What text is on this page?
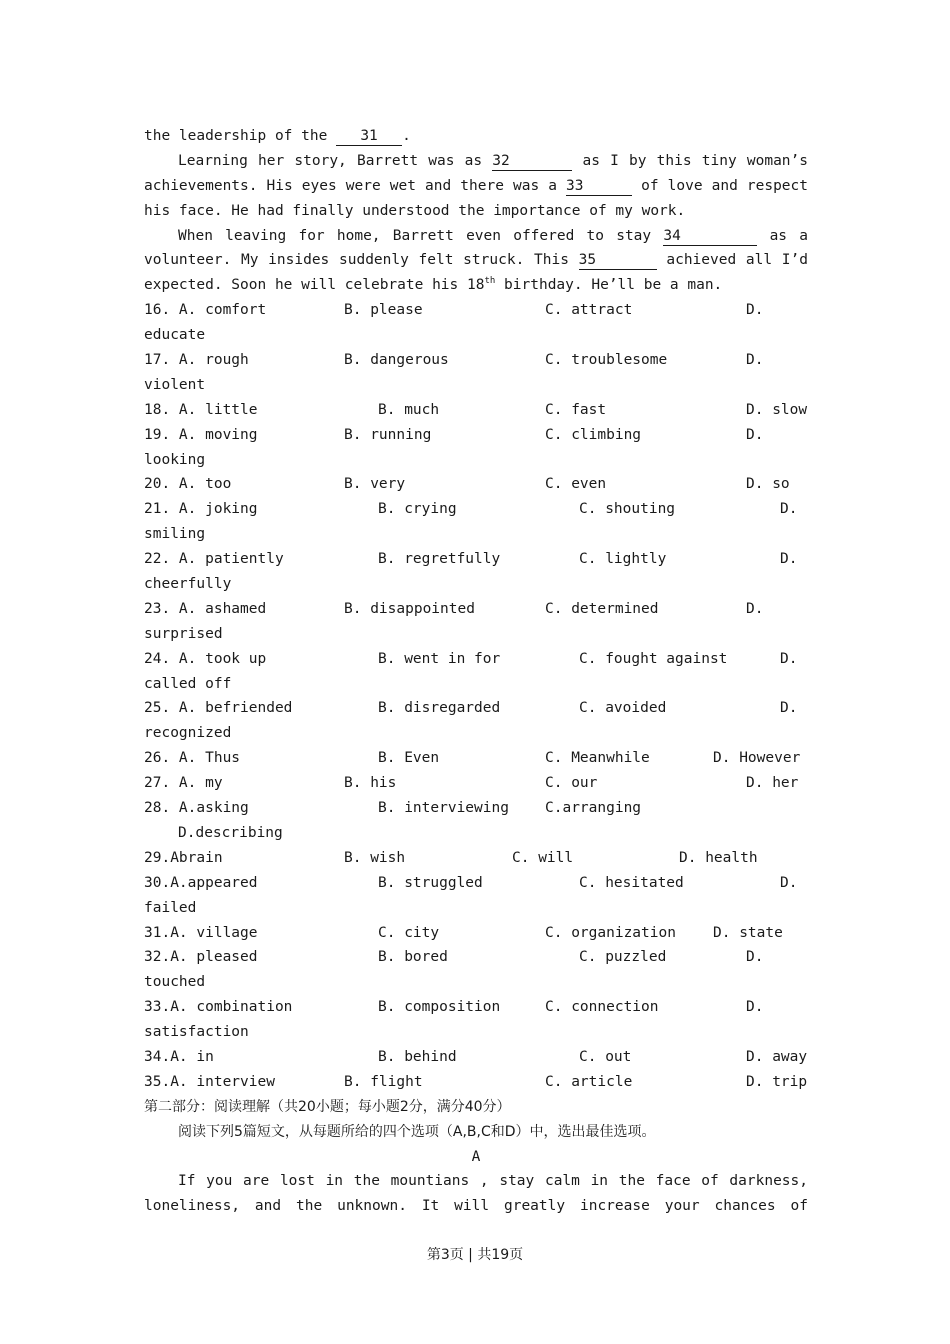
the leadership of the 31 .
Learning her story, Barrett was as 32	as I by this tiny woman’s
achievements. His eyes were wet and there was a 33	of love and respect
his face. He had finally understood the importance of my work.
When leaving for home, Barrett even offered to stay 34	as a
volunteer. My insides suddenly felt struck. This 35	achieved all I’d
expected. Soon he will celebrate his 18th birthday. He’ll be a man.
16. A. comfort	B. please	C. attract	D.
educate
17. A. rough	B. dangerous	C. troublesome	D.
violent
18. A. little	B. much	C. fast	D. slow
19. A. moving	B. running	C. climbing	D.
looking
20. A. too	B. very	C. even	D. so
21. A. joking	B. crying	C. shouting	D.
smiling
22. A. patiently	B. regretfully	C. lightly	D.
cheerfully
23. A. ashamed	B. disappointed	C. determined	D.
surprised
24. A. took up	B. went in for	C. fought against	D.
called off
25. A. befriended	B. disregarded	C. avoided	D.
recognized
26. A. Thus	B. Even	C. Meanwhile	D. However
27. A. my	B. his	C. our	D. her
28. A.asking	B. interviewing C.arranging
D.describing
29.Abrain	B. wish	C. will	D. health
30.A.appeared	B. struggled	C. hesitated	D.
failed
31.A. village	C. city	C. organization	D. state
32.A. pleased	B. bored	C. puzzled	D.
touched
33.A. combination	B. composition	C. connection	D.
satisfaction
34.A. in	B. behind	C. out	D. away
35.A. interview	B. flight	C. article	D. trip
第二部分：阅读理解（共20小题；每小题2分，满分40分）
阅读下列5篇短文，从每题所给的四个选项（A,B,C和D）中，选出最佳选项。
A
If you are lost in the mountians , stay calm in the face of darkness,
loneliness, and the unknown. It will greatly increase your chances of
第3页 | 共19页
